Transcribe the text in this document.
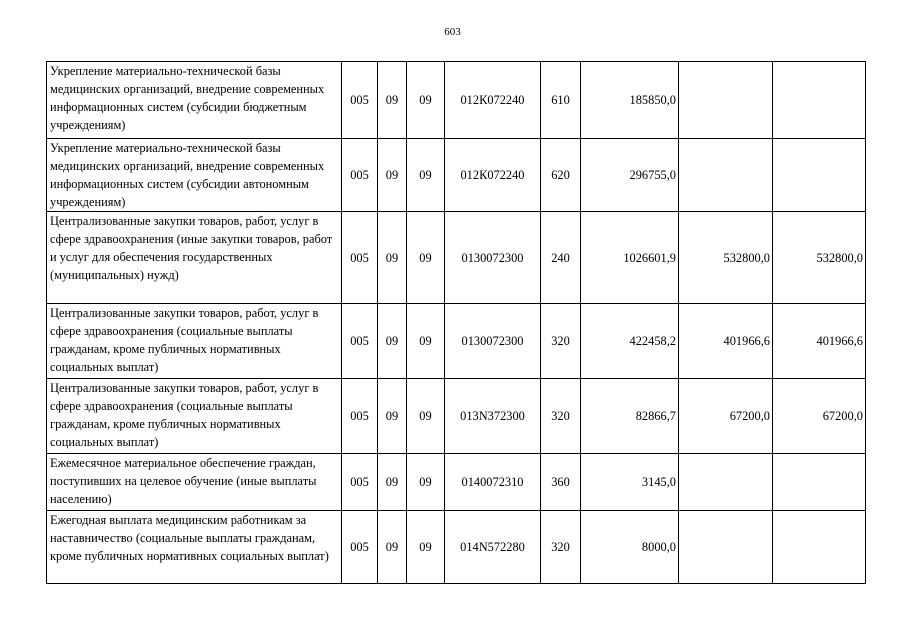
603
Укрепление материально-технической базы медицинских организаций, внедрение современных информационных систем (субсидии бюджетным учреждениям)	005	09	09	012К072240	610	185850,0		
Укрепление материально-технической базы медицинских организаций, внедрение современных информационных систем (субсидии автономным учреждениям)	005	09	09	012К072240	620	296755,0		
Централизованные закупки товаров, работ, услуг в сфере здравоохранения (иные закупки товаров, работ и услуг для обеспечения государственных (муниципальных) нужд)	005	09	09	0130072300	240	1026601,9	532800,0	532800,0
Централизованные закупки товаров, работ, услуг в сфере здравоохранения (социальные выплаты гражданам, кроме публичных нормативных социальных выплат)	005	09	09	0130072300	320	422458,2	401966,6	401966,6
Централизованные закупки товаров, работ, услуг в сфере здравоохранения (социальные выплаты гражданам, кроме публичных нормативных социальных выплат)	005	09	09	013N372300	320	82866,7	67200,0	67200,0
Ежемесячное материальное обеспечение граждан, поступивших на целевое обучение (иные выплаты населению)	005	09	09	0140072310	360	3145,0		
Ежегодная выплата медицинским работникам за наставничество (социальные выплаты гражданам, кроме публичных нормативных социальных выплат)	005	09	09	014N572280	320	8000,0		
